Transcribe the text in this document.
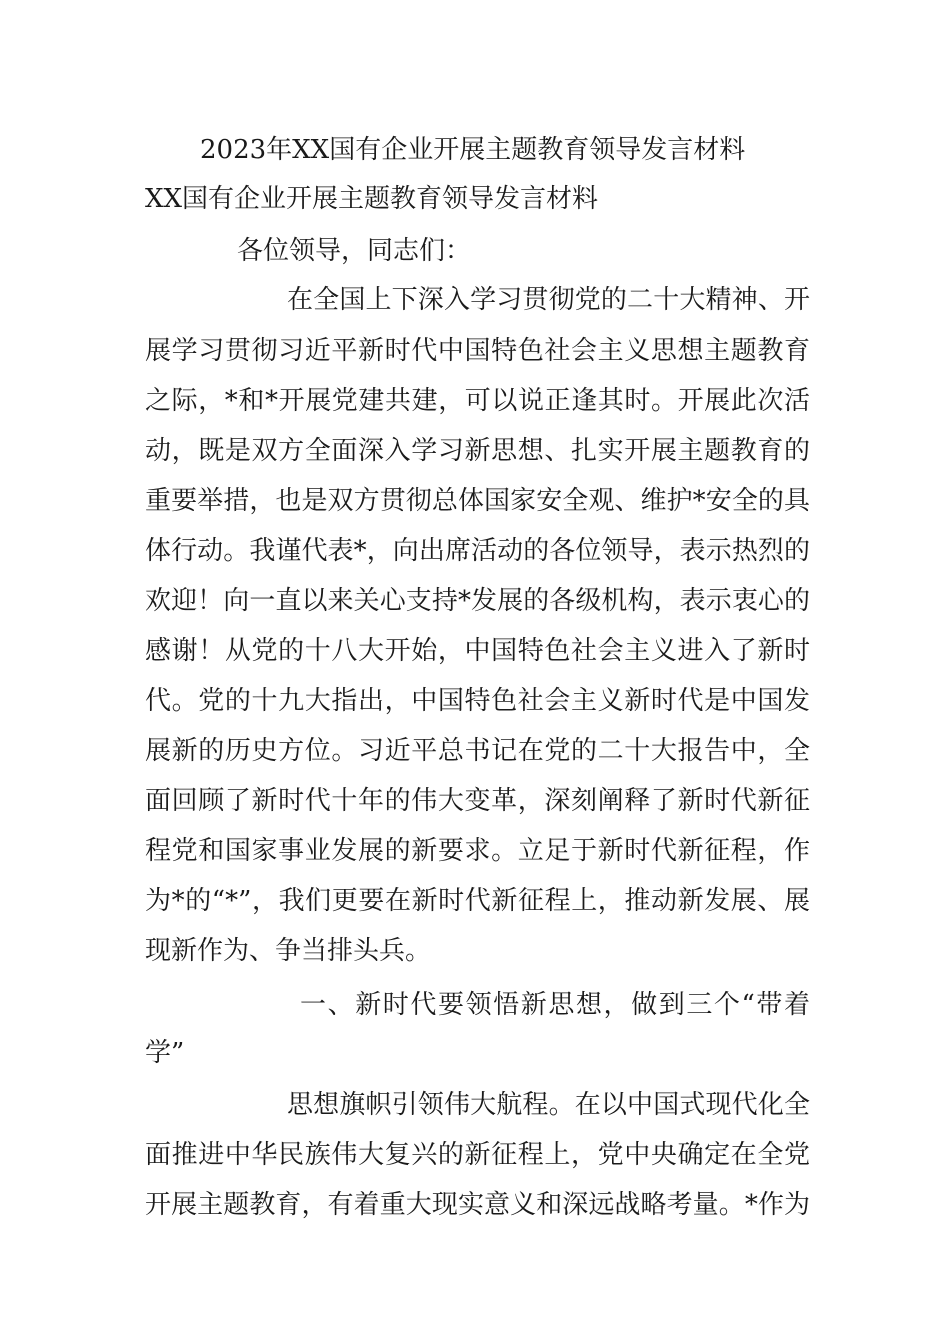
2023年XX国有企业开展主题教育领导发言材料
XX国有企业开展主题教育领导发言材料
各位领导，同志们：
在全国上下深入学习贯彻党的二十大精神、开
展学习贯彻习近平新时代中国特色社会主义思想主题教育
之际，*和*开展党建共建，可以说正逢其时。开展此次活
动，既是双方全面深入学习新思想、扎实开展主题教育的
重要举措，也是双方贯彻总体国家安全观、维护*安全的具
体行动。我谨代表*，向出席活动的各位领导，表示热烈的
欢迎！向一直以来关心支持*发展的各级机构，表示衷心的
感谢！从党的十八大开始，中国特色社会主义进入了新时
代。党的十九大指出，中国特色社会主义新时代是中国发
展新的历史方位。习近平总书记在党的二十大报告中，全
面回顾了新时代十年的伟大变革，深刻阐释了新时代新征
程党和国家事业发展的新要求。立足于新时代新征程，作
为*的“*”，我们更要在新时代新征程上，推动新发展、展
现新作为、争当排头兵。
一、新时代要领悟新思想，做到三个“带着
学”
思想旗帜引领伟大航程。在以中国式现代化全
面推进中华民族伟大复兴的新征程上，党中央确定在全党
开展主题教育，有着重大现实意义和深远战略考量。*作为
